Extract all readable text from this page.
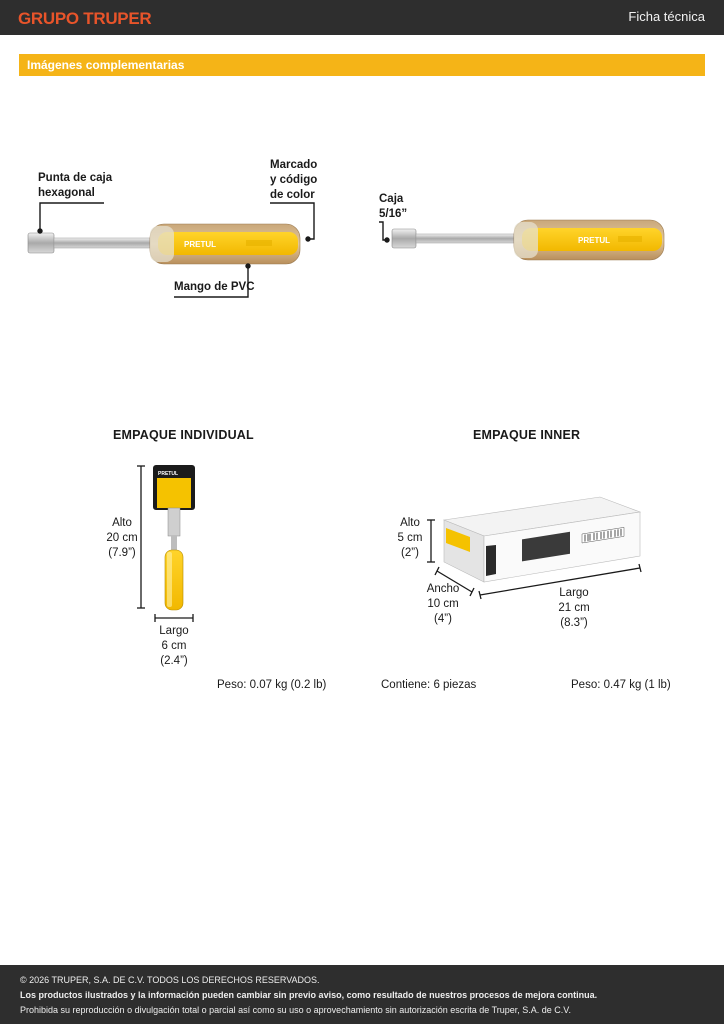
GRUPO TRUPER	Ficha técnica
Imágenes complementarias
PRETUL	PRETUL
PRETUL
Punta de caja
hexagonal
Marcado
y código
de color
Mango de PVC
Caja
5/16”
EMPAQUE INDIVIDUAL	EMPAQUE INNER
Alto
20 cm
(7.9”)
Largo
6 cm
(2.4”)
Peso: 0.07 kg (0.2 lb)
Alto
5 cm
(2”)
Ancho
10 cm
(4”)
Largo
21 cm
(8.3”)
Contiene: 6 piezas	Peso: 0.47 kg (1 lb)
© 2026 TRUPER, S.A. DE C.V. TODOS LOS DERECHOS RESERVADOS.
Los productos ilustrados y la información pueden cambiar sin previo aviso, como resultado de nuestros procesos de mejora continua.
Prohibida su reproducción o divulgación total o parcial así como su uso o aprovechamiento sin autorización escrita de Truper, S.A. de C.V.
